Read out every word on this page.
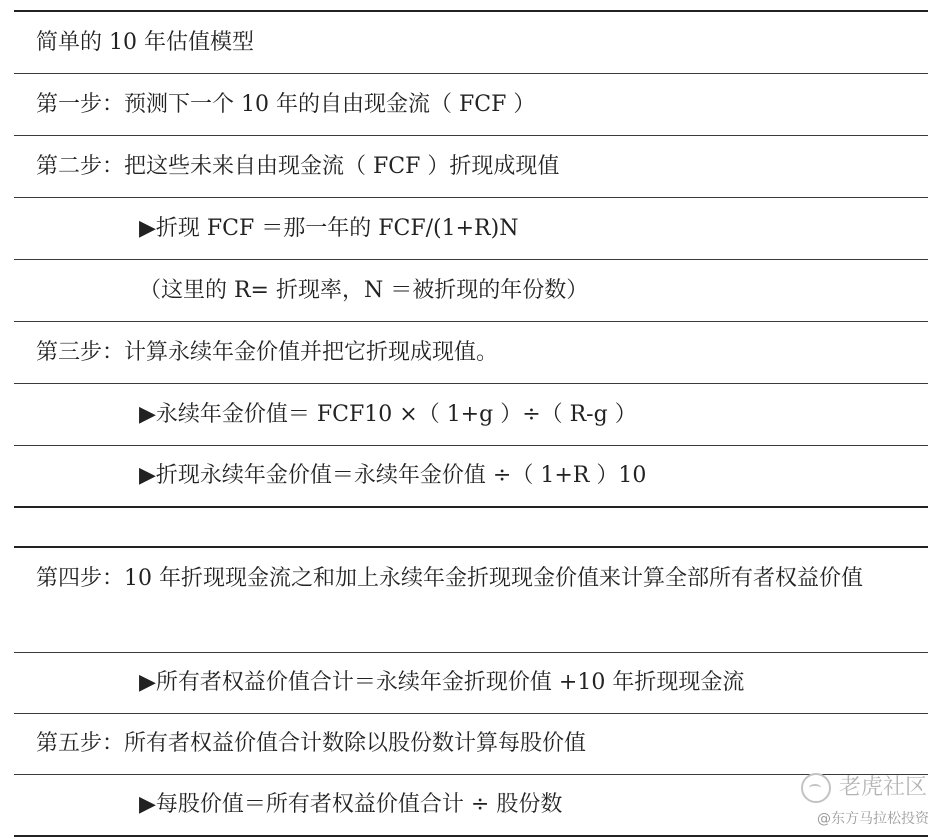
简单的 10 年估值模型
第一步：预测下一个 10 年的自由现金流（ FCF ）
第二步：把这些未来自由现金流（ FCF ）折现成现值
▶折现 FCF ＝那一年的 FCF/(1+R)N
（这里的 R= 折现率，N ＝被折现的年份数）
第三步：计算永续年金价值并把它折现成现值。
▶永续年金价值＝ FCF10 ×（ 1+g ）÷（ R-g ）
▶折现永续年金价值＝永续年金价值 ÷（ 1+R ）10
第四步：10 年折现现金流之和加上永续年金折现现金价值来计算全部所有者权益价值
▶所有者权益价值合计＝永续年金折现价值 +10 年折现现金流
第五步：所有者权益价值合计数除以股份数计算每股价值
▶每股价值＝所有者权益价值合计 ÷ 股份数
老虎社区
@东方马拉松投资
